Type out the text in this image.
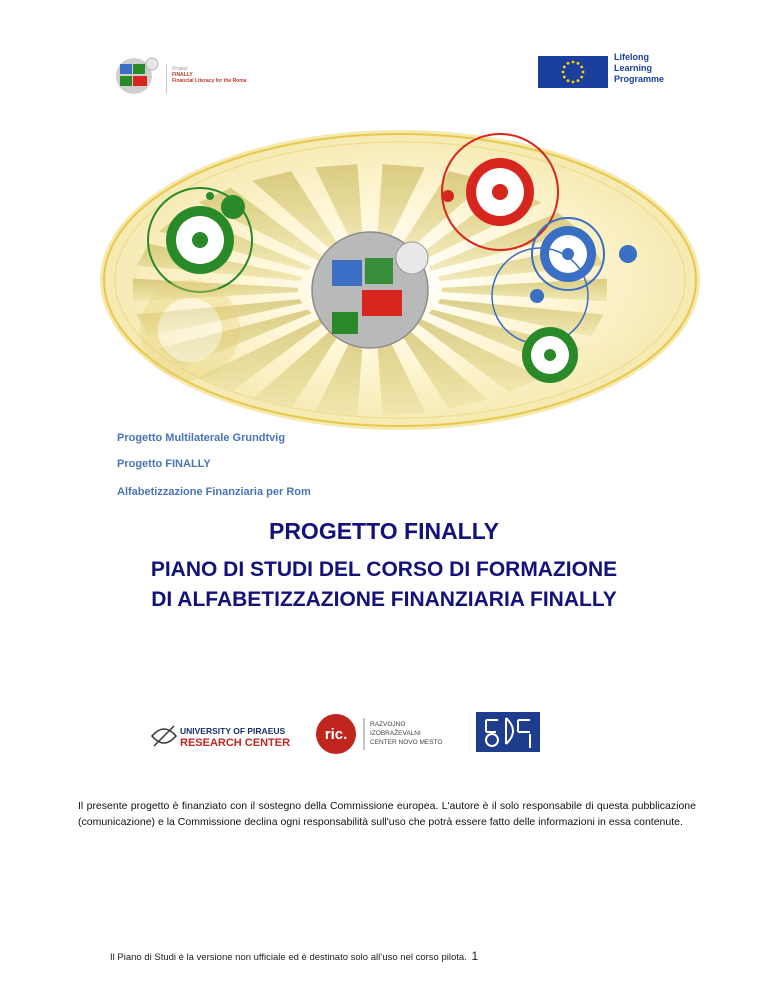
Project
FINALLY
Financial Literacy for the Roma
Lifelong
Learning
Programme
Progetto Multilaterale Grundtvig
Progetto FINALLY
Alfabetizzazione Finanziaria per Rom
PROGETTO FINALLY
PIANO DI STUDI DEL CORSO DI FORMAZIONE
DI ALFABETIZZAZIONE FINANZIARIA FINALLY
UNIVERSITY OF PIRAEUS
RESEARCH CENTER ric.
RAZVOJNO
IZOBRAŽEVALNI
CENTER NOVO MESTO
Il presente progetto è finanziato con il sostegno della Commissione europea. L'autore è il solo responsabile di questa pubblicazione (comunicazione) e la Commissione declina ogni responsabilità sull'uso che potrà essere fatto delle informazioni in essa contenute.
Il Piano di Studi è la versione non ufficiale ed è destinato solo all’uso nel corso pilota. 1
